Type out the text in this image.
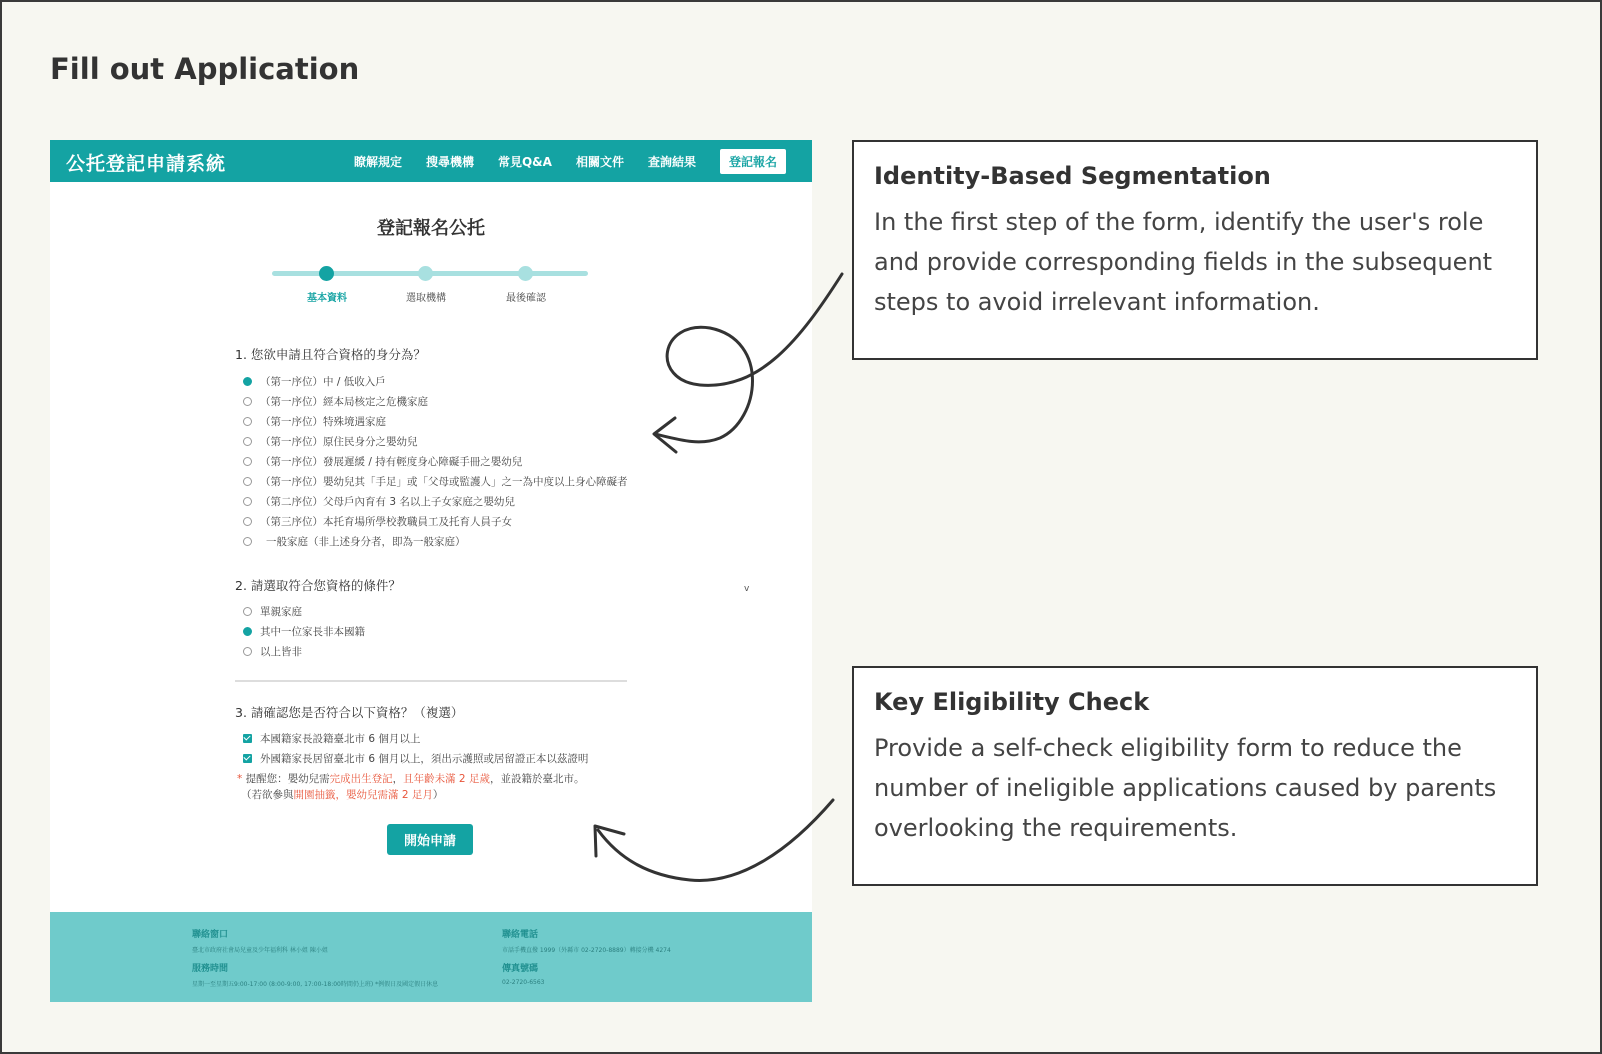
Fill out Application
公托登記申請系統	瞭解規定 搜尋機構 常見Q&A 相關文件 查詢結果	登記報名
登記報名公托
基本資料	選取機構	最後確認
1. 您欲申請且符合資格的身分為？
（第一序位）中 / 低收入戶
（第一序位）經本局核定之危機家庭
（第一序位）特殊境遇家庭
（第一序位）原住民身分之嬰幼兒
（第一序位）發展遲緩 / 持有輕度身心障礙手冊之嬰幼兒
（第一序位）嬰幼兒其「手足」或「父母或監護人」之一為中度以上身心障礙者
（第二序位）父母戶內育有 3 名以上子女家庭之嬰幼兒
（第三序位）本托育場所學校教職員工及托育人員子女
一般家庭（非上述身分者，即為一般家庭）
2. 請選取符合您資格的條件？	v
單親家庭
其中一位家長非本國籍
以上皆非
3. 請確認您是否符合以下資格？（複選）
本國籍家長設籍臺北市 6 個月以上
外國籍家長居留臺北市 6 個月以上，須出示護照或居留證正本以茲證明
* 提醒您：嬰幼兒需完成出生登記，且年齡未滿 2 足歲，並設籍於臺北市。
（若欲參與開園抽籤，嬰幼兒需滿 2 足月）
開始申請
聯絡窗口
臺北市政府社會局兒童及少年福利科 林小姐 陳小姐
服務時間
星期一至星期五9:00-17:00 (8:00-9:00, 17:00-18:00時間仍上班) *例假日及國定假日休息
聯絡電話
市話手機直撥 1999（外縣市 02-2720-8889）轉接分機 4274
傳真號碼
02-2720-6563
Identity-Based Segmentation

In the first step of the form, identify the user's role and provide corresponding fields in the subsequent steps to avoid irrelevant information.

Key Eligibility Check

Provide a self-check eligibility form to reduce the number of ineligible applications caused by parents overlooking the requirements.
